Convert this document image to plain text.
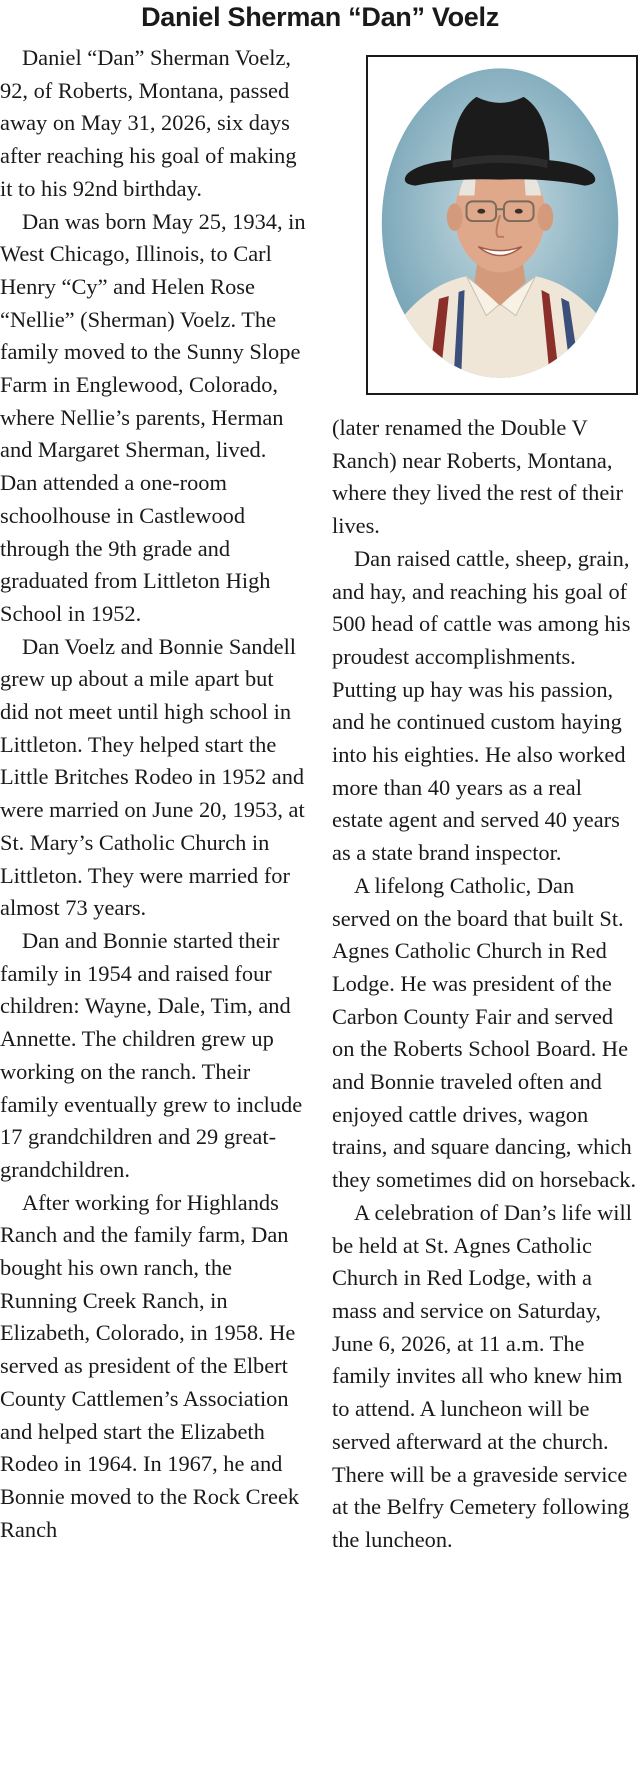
Daniel Sherman “Dan” Voelz

Daniel “Dan” Sherman Voelz, 92, of Roberts, Montana, passed away on May 31, 2026, six days after reaching his goal of making it to his 92nd birthday.

Dan was born May 25, 1934, in West Chicago, Illinois, to Carl Henry “Cy” and Helen Rose “Nellie” (Sherman) Voelz. The family moved to the Sunny Slope Farm in Englewood, Colorado, where Nellie’s parents, Herman and Margaret Sherman, lived. Dan attended a one-room schoolhouse in Castlewood through the 9th grade and graduated from Littleton High School in 1952.

Dan Voelz and Bonnie Sandell grew up about a mile apart but did not meet until high school in Littleton. They helped start the Little Britches Rodeo in 1952 and were married on June 20, 1953, at St. Mary’s Catholic Church in Littleton. They were married for almost 73 years.

Dan and Bonnie started their family in 1954 and raised four children: Wayne, Dale, Tim, and Annette. The children grew up working on the ranch. Their family eventually grew to include 17 grandchildren and 29 great-grandchildren.

After working for Highlands Ranch and the family farm, Dan bought his own ranch, the Running Creek Ranch, in Elizabeth, Colorado, in 1958. He served as president of the Elbert County Cattlemen’s Association and helped start the Elizabeth Rodeo in 1964. In 1967, he and Bonnie moved to the Rock Creek Ranch

(later renamed the Double V Ranch) near Roberts, Montana, where they lived the rest of their lives.

Dan raised cattle, sheep, grain, and hay, and reaching his goal of 500 head of cattle was among his proudest accomplishments. Putting up hay was his passion, and he continued custom haying into his eighties. He also worked more than 40 years as a real estate agent and served 40 years as a state brand inspector.

A lifelong Catholic, Dan served on the board that built St. Agnes Catholic Church in Red Lodge. He was president of the Carbon County Fair and served on the Roberts School Board. He and Bonnie traveled often and enjoyed cattle drives, wagon trains, and square dancing, which they sometimes did on horseback.

A celebration of Dan’s life will be held at St. Agnes Catholic Church in Red Lodge, with a mass and service on Saturday, June 6, 2026, at 11 a.m. The family invites all who knew him to attend. A luncheon will be served afterward at the church. There will be a graveside service at the Belfry Cemetery following the luncheon.
